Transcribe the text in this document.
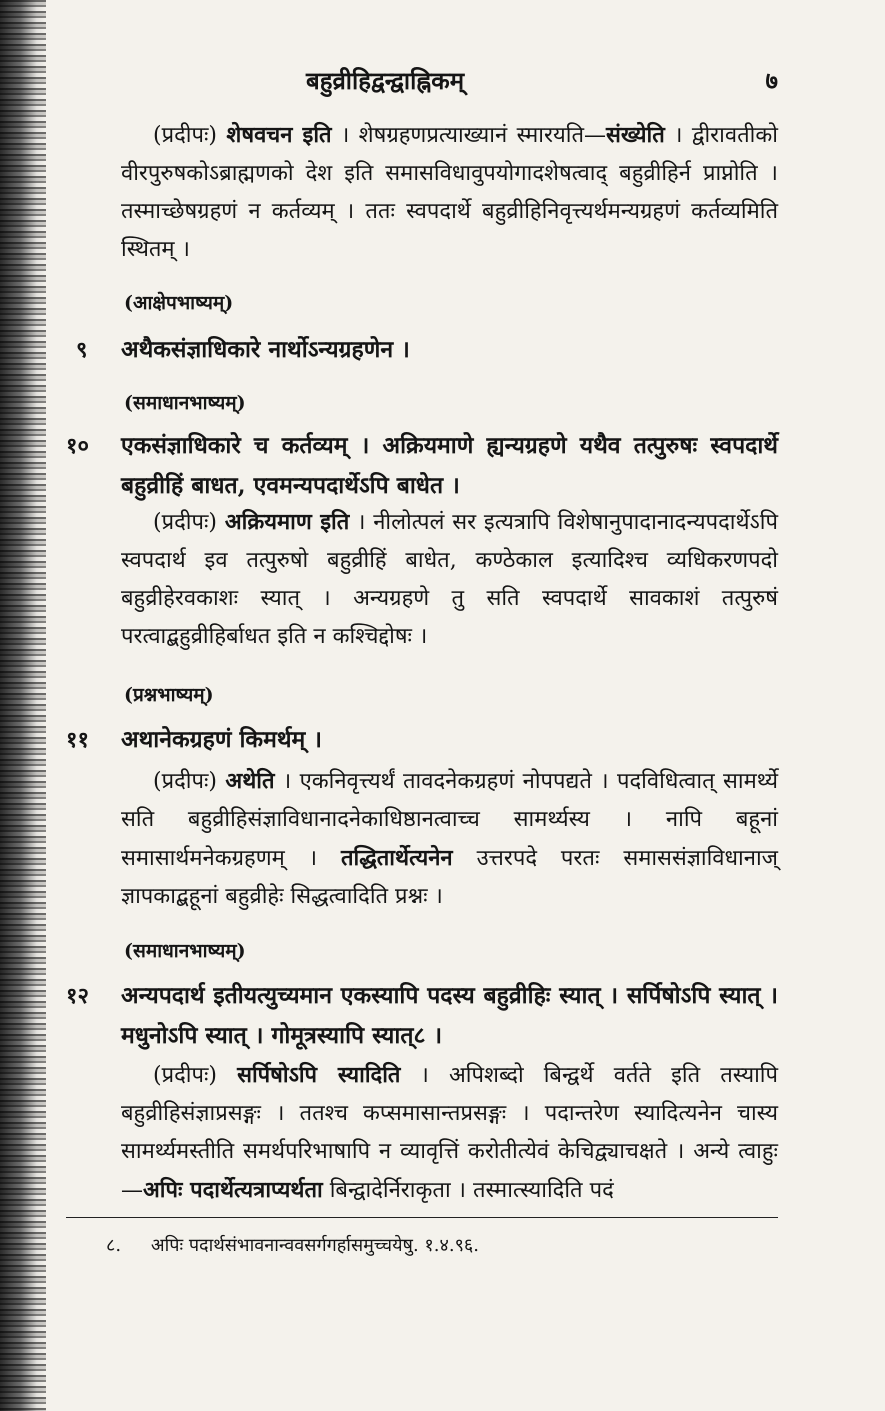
बहुव्रीहिद्वन्द्वाह्निकम्	७

(प्रदीपः) शेषवचन इति । शेषग्रहणप्रत्याख्यानं स्मारयति—संख्येति । द्वीरावतीको वीरपुरुषकोऽब्राह्मणको देश इति समासविधावुपयोगादशेषत्वाद् बहुव्रीहिर्न प्राप्नोति । तस्माच्छेषग्रहणं न कर्तव्यम् । ततः स्वपदार्थे बहुव्रीहिनिवृत्त्यर्थमन्यग्रहणं कर्तव्यमिति स्थितम् ।

(आक्षेपभाष्यम्)

९	अथैकसंज्ञाधिकारे नार्थोऽन्यग्रहणेन ।

(समाधानभाष्यम्)

१०	एकसंज्ञाधिकारे च कर्तव्यम् । अक्रियमाणे ह्यन्यग्रहणे यथैव तत्पुरुषः स्वपदार्थे बहुव्रीहिं बाधत, एवमन्यपदार्थेऽपि बाधेत ।

(प्रदीपः) अक्रियमाण इति । नीलोत्पलं सर इत्यत्रापि विशेषानुपादानादन्यपदार्थेऽपि स्वपदार्थ इव तत्पुरुषो बहुव्रीहिं बाधेत, कण्ठेकाल इत्यादिश्च व्यधिकरणपदो बहुव्रीहेरवकाशः स्यात् । अन्यग्रहणे तु सति स्वपदार्थे सावकाशं तत्पुरुषं परत्वाद्बहुव्रीहिर्बाधत इति न कश्चिद्दोषः ।

(प्रश्नभाष्यम्)

११	अथानेकग्रहणं किमर्थम् ।

(प्रदीपः) अथेति । एकनिवृत्त्यर्थं तावदनेकग्रहणं नोपपद्यते । पदविधित्वात् सामर्थ्ये सति बहुव्रीहिसंज्ञाविधानादनेकाधिष्ठानत्वाच्च सामर्थ्यस्य । नापि बहूनां समासार्थमनेकग्रहणम् । तद्धितार्थेत्यनेन उत्तरपदे परतः समाससंज्ञाविधानाज् ज्ञापकाद्बहूनां बहुव्रीहेः सिद्धत्वादिति प्रश्नः ।

(समाधानभाष्यम्)

१२	अन्यपदार्थ इतीयत्युच्यमान एकस्यापि पदस्य बहुव्रीहिः स्यात् । सर्पिषोऽपि स्यात् । मधुनोऽपि स्यात् । गोमूत्रस्यापि स्यात्८ ।

(प्रदीपः) सर्पिषोऽपि स्यादिति । अपिशब्दो बिन्द्वर्थे वर्तते इति तस्यापि बहुव्रीहिसंज्ञाप्रसङ्गः । ततश्च कप्समासान्तप्रसङ्गः । पदान्तरेण स्यादित्यनेन चास्य सामर्थ्यमस्तीति समर्थपरिभाषापि न व्यावृत्तिं करोतीत्येवं केचिद्व्याचक्षते । अन्ये त्वाहुः—अपिः पदार्थेत्यत्राप्यर्थता बिन्द्वादेर्निराकृता । तस्मात्स्यादिति पदं

८. अपिः पदार्थसंभावनान्ववसर्गगर्हासमुच्चयेषु. १.४.९६.
